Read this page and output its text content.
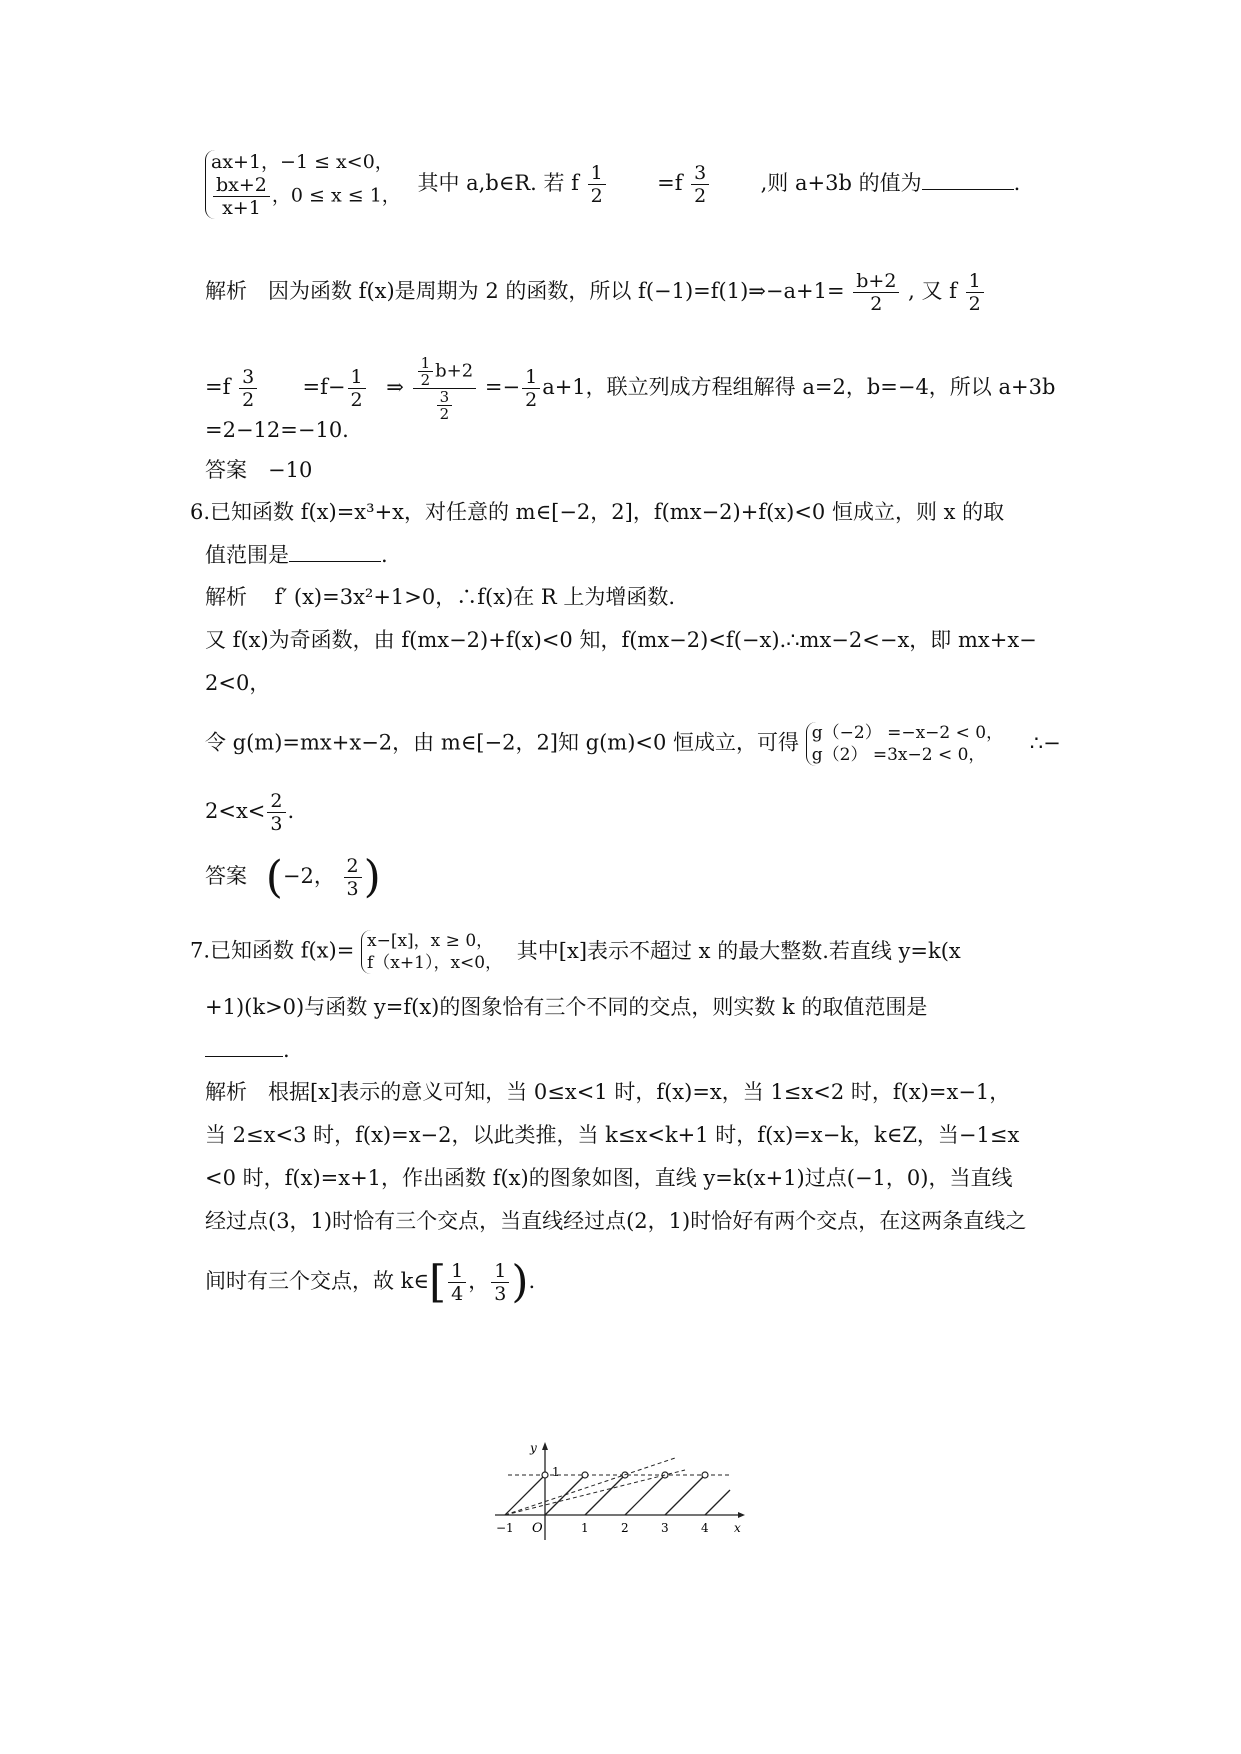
ax+1，−1 ≤ x<0，
$\frac{bx+2}{x+1}$ ，0 ≤ x ≤ 1，
其中 a,b∈R. 若 f $\frac{1}{2} =f \frac{3}{2}$ ,则 a+3b 的值为	.
解析　因为函数 f(x)是周期为 2 的函数，所以 f(−1)=f(1)⇒−a+1= $\frac{b+2}{2}$ , 又 f $\frac{1}{2}$
$=f \frac{3}{2} =f- \frac{1}{2}$ ⇒ $\frac{\frac{1}{2} b+2}{\frac{3}{2}} =- \frac{1}{2} a+1$，联立列成方程组解得 a=2，b=−4，所以 a+3b
=2−12=−10.
答案　−10
6.已知函数 f(x)=x³+x，对任意的 m∈[−2，2]，f(mx−2)+f(x)<0 恒成立，则 x 的取
值范围是	.
解析　 f′ (x)=3x²+1>0，∴f(x)在 R 上为增函数.
又 f(x)为奇函数，由 f(mx−2)+f(x)<0 知，f(mx−2)<f(−x).∴mx−2<−x，即 mx+x−
2<0，
令 g(m)=mx+x−2，由 m∈[−2，2]知 g(m)<0 恒成立，可得 g（−2） =−x−2 < 0，
g（2） =3x−2 < 0，
∴−
$2<x< \frac{2}{3}$ .
答案 (−2， $\frac{2}{3}$ )
7.已知函数 f(x)= x−[x]，x ≥ 0，
f（x+1），x<0，
其中[x]表示不超过 x 的最大整数.若直线 y=k(x
+1)(k>0)与函数 y=f(x)的图象恰有三个不同的交点，则实数 k 的取值范围是
.
解析　根据[x]表示的意义可知，当 0≤x<1 时，f(x)=x，当 1≤x<2 时，f(x)=x−1，
当 2≤x<3 时，f(x)=x−2，以此类推，当 k≤x<k+1 时，f(x)=x−k，k∈Z，当−1≤x
<0 时，f(x)=x+1，作出函数 f(x)的图象如图，直线 y=k(x+1)过点(−1，0)，当直线
经过点(3，1)时恰有三个交点，当直线经过点(2，1)时恰好有两个交点，在这两条直线之
间时有三个交点，故 k∈[ $\frac{1}{4}$ ， $\frac{1}{3}$ ).
y
x
O
1
−1	1	2	3	4
